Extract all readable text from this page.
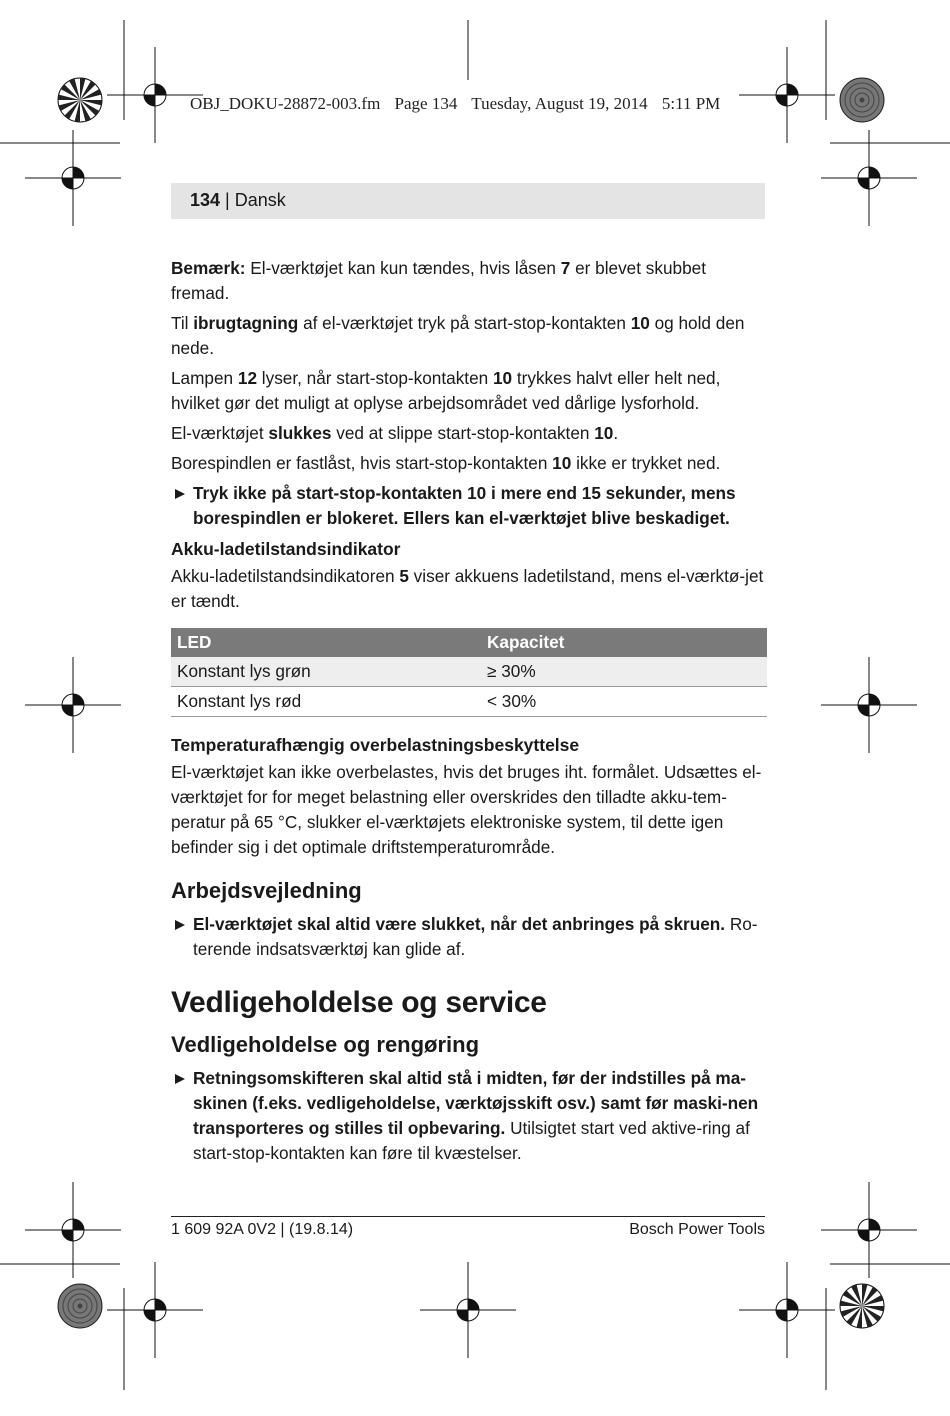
OBJ_DOKU-28872-003.fm Page 134 Tuesday, August 19, 2014 5:11 PM
134 | Dansk

Bemærk: El-værktøjet kan kun tændes, hvis låsen 7 er blevet skubbet fremad.

Til ibrugtagning af el-værktøjet tryk på start-stop-kontakten 10 og hold den nede.

Lampen 12 lyser, når start-stop-kontakten 10 trykkes halvt eller helt ned, hvilket gør det muligt at oplyse arbejdsområdet ved dårlige lysforhold.

El-værktøjet slukkes ved at slippe start-stop-kontakten 10.

Borespindlen er fastlåst, hvis start-stop-kontakten 10 ikke er trykket ned.

Tryk ikke på start-stop-kontakten 10 i mere end 15 sekunder, mens borespindlen er blokeret. Ellers kan el-værktøjet blive beskadiget.
Akku-ladetilstandsindikator

Akku-ladetilstandsindikatoren 5 viser akkuens ladetilstand, mens el-værktø-jet er tændt.

LED	Kapacitet
Konstant lys grøn	≥ 30%
Konstant lys rød	< 30%
Temperaturafhængig overbelastningsbeskyttelse

El-værktøjet kan ikke overbelastes, hvis det bruges iht. formålet. Udsættes el-værktøjet for for meget belastning eller overskrides den tilladte akku-tem-peratur på 65 °C, slukker el-værktøjets elektroniske system, til dette igen befinder sig i det optimale driftstemperaturområde.

Arbejdsvejledning
El-værktøjet skal altid være slukket, når det anbringes på skruen. Ro-terende indsatsværktøj kan glide af.
Vedligeholdelse og service
Vedligeholdelse og rengøring
Retningsomskifteren skal altid stå i midten, før der indstilles på ma-skinen (f.eks. vedligeholdelse, værktøjsskift osv.) samt før maski-nen transporteres og stilles til opbevaring. Utilsigtet start ved aktive-ring af start-stop-kontakten kan føre til kvæstelser.
1 609 92A 0V2 | (19.8.14)	Bosch Power Tools
